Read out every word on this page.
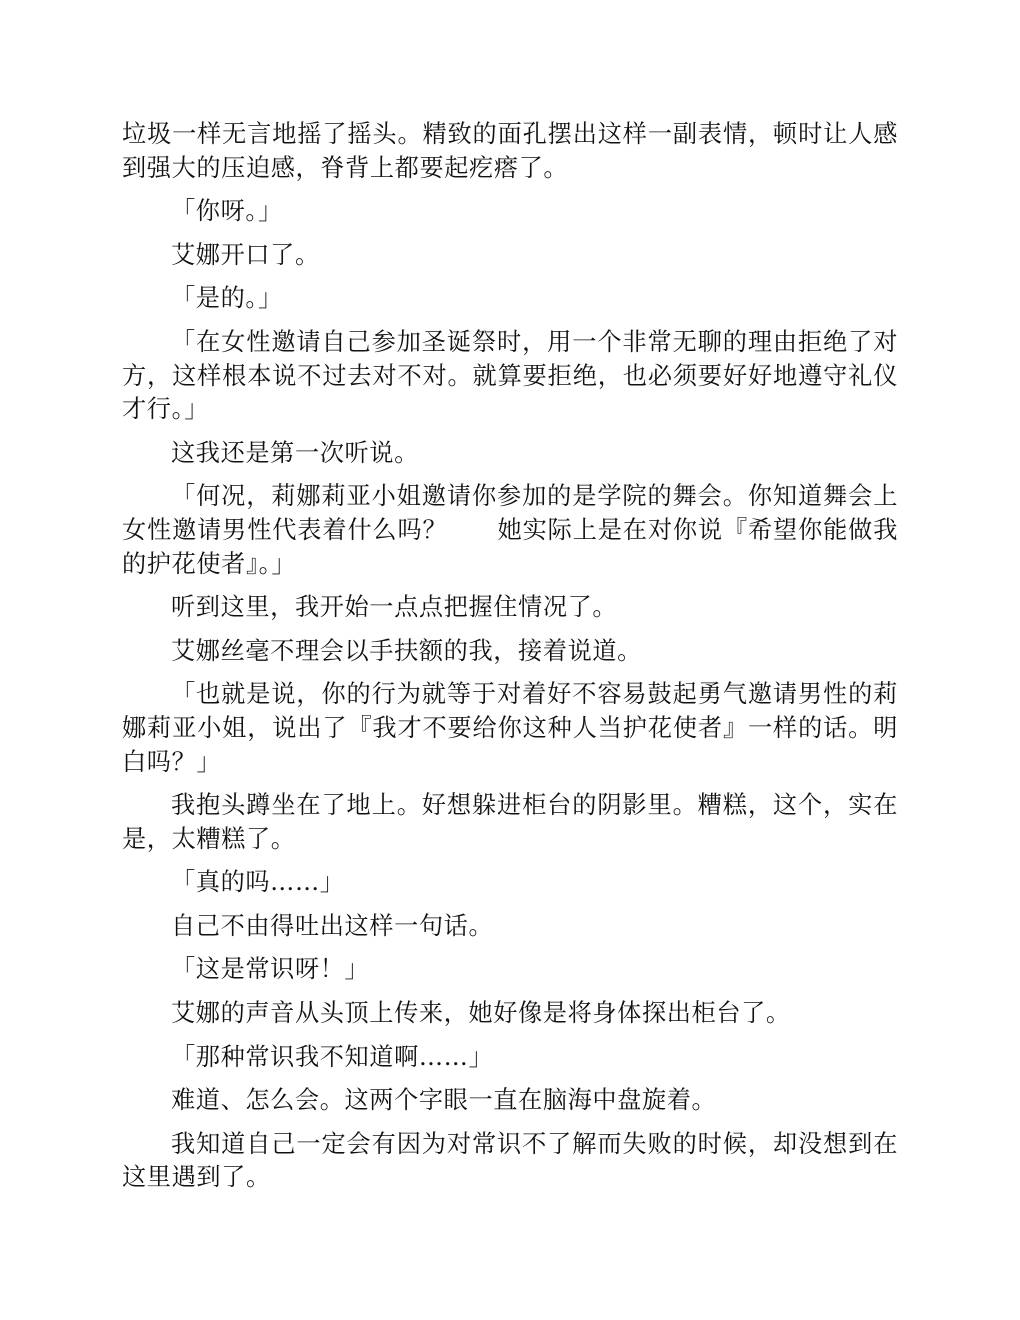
垃圾一样无言地摇了摇头。精致的面孔摆出这样一副表情，顿时让人感到强大的压迫感，脊背上都要起疙瘩了。

「你呀。」

艾娜开口了。

「是的。」

「在女性邀请自己参加圣诞祭时，用一个非常无聊的理由拒绝了对方，这样根本说不过去对不对。就算要拒绝，也必须要好好地遵守礼仪才行。」

这我还是第一次听说。

「何况，莉娜莉亚小姐邀请你参加的是学院的舞会。你知道舞会上女性邀请男性代表着什么吗？　　她实际上是在对你说『希望你能做我的护花使者』。」

听到这里，我开始一点点把握住情况了。

艾娜丝毫不理会以手扶额的我，接着说道。

「也就是说，你的行为就等于对着好不容易鼓起勇气邀请男性的莉娜莉亚小姐，说出了『我才不要给你这种人当护花使者』一样的话。明白吗？」

我抱头蹲坐在了地上。好想躲进柜台的阴影里。糟糕，这个，实在是，太糟糕了。

「真的吗……」

自己不由得吐出这样一句话。

「这是常识呀！」

艾娜的声音从头顶上传来，她好像是将身体探出柜台了。

「那种常识我不知道啊……」

难道、怎么会。这两个字眼一直在脑海中盘旋着。

我知道自己一定会有因为对常识不了解而失败的时候，却没想到在这里遇到了。
